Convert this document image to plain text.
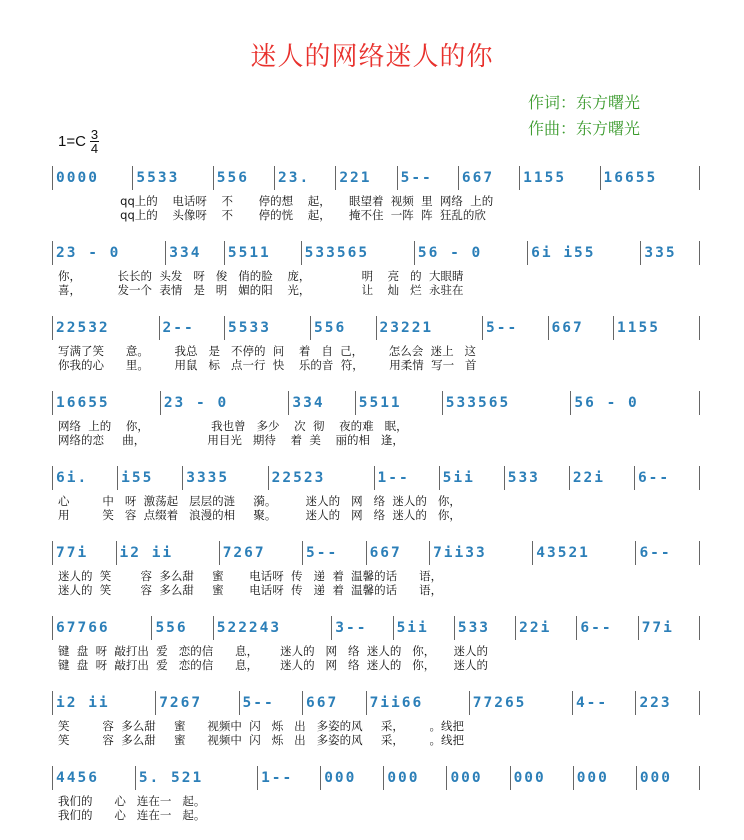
迷人的网络迷人的你
作词：东方曙光
作曲：东方曙光
$1=C \frac{3}{4}$
0000	5533	556	23.	221	5--	667	1155	16655
qq上的    电话呀    不       停的想    起，     眼望着  视频  里  网络  上的
qq上的    头像呀    不       停的恍    起，     掩不住  一阵  阵  狂乱的欣
23 - 0	334	5511	533565	56 - 0	6i i55	335
你，          长长的  头发   呀   俊   俏的脸    庞，              明    亮   的  大眼睛
喜，          发一个  表情   是   明   媚的阳    光，              让    灿   烂  永驻在
22532	2--	5533	556	23221	5--	667	1155
写满了笑      意。       我总   是   不停的  问    着   自  己，       怎么会  迷上   这
你我的心      里。       用鼠   标   点一行  快    乐的音  符，       用柔情  写一   首
16655	23 - 0	334	5511	533565	56 - 0
网络  上的    你，                 我也曾   多少    次  彻    夜的难   眠，
网络的恋     曲，                 用目光   期待    着  美    丽的相   逢，
6i.	i55	3335	22523	1--	5ii	533	22i	6--
心         中   呀  激荡起   层层的涟     漪。        迷人的   网   络  迷人的   你，
用         笑   容  点缀着   浪漫的相     聚。        迷人的   网   络  迷人的   你，
77i	i2 ii	7267	5--	667	7ii33	43521	6--
迷人的  笑        容  多么甜     蜜       电话呀  传   递  着  温馨的话      语，
迷人的  笑        容  多么甜     蜜       电话呀  传   递  着  温馨的话      语，
67766	556	522243	3--	5ii	533	22i	6--	77i
键  盘  呀  敲打出  爱   恋的信      息，      迷人的   网   络  迷人的   你，     迷人的
键  盘  呀  敲打出  爱   恋的信      息，      迷人的   网   络  迷人的   你，     迷人的
i2 ii	7267	5--	667	7ii66	77265	4--	223
笑         容  多么甜     蜜      视频中  闪   烁   出   多姿的风     采，       。线把
笑         容  多么甜     蜜      视频中  闪   烁   出   多姿的风     采，       。线把
4456	5. 521	1--	000	000	000	000	000	000
我们的      心   连在一   起。
我们的      心   连在一   起。
